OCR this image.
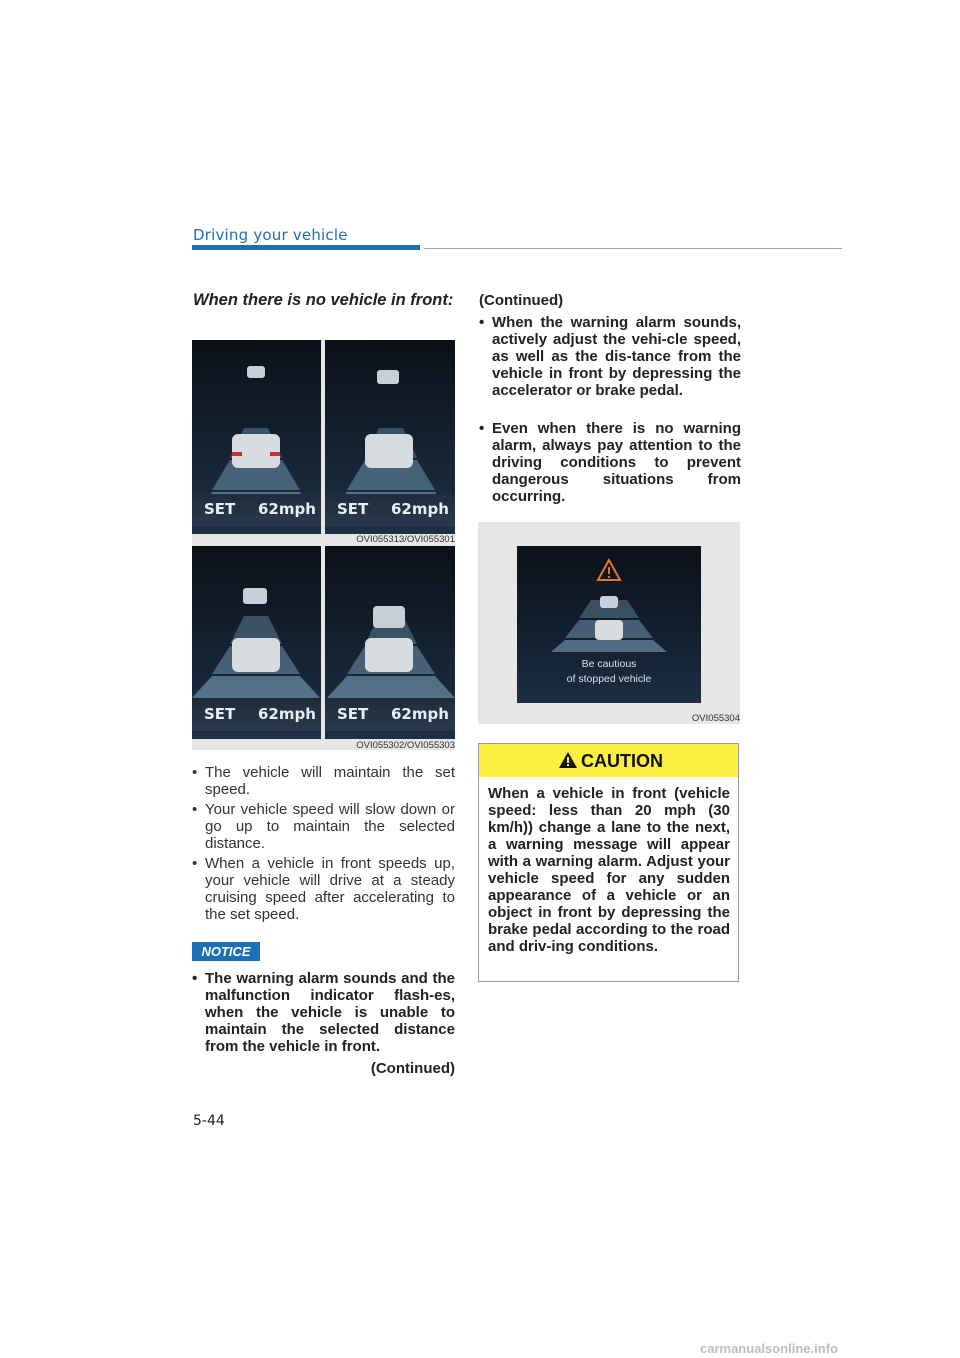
Driving your vehicle
When there is no vehicle in front:
SET 62mph SET 62mph
OVI055313/OVI055301
SET 62mph SET 62mph
OVI055302/OVI055303
• The vehicle will maintain the set speed.
• Your vehicle speed will slow down or go up to maintain the selected distance.
• When a vehicle in front speeds up, your vehicle will drive at a steady cruising speed after accelerating to the set speed.
NOTICE
• The warning alarm sounds and the malfunction indicator flash-es, when the vehicle is unable to maintain the selected distance from the vehicle in front.
(Continued)
(Continued)
• When the warning alarm sounds, actively adjust the vehi-cle speed, as well as the dis-tance from the vehicle in front by depressing the accelerator or brake pedal.
• Even when there is no warning alarm, always pay attention to the driving conditions to prevent dangerous situations from occurring.
Be cautious
of stopped vehicle
OVI055304
CAUTION
When a vehicle in front (vehicle speed: less than 20 mph (30 km/h)) change a lane to the next, a warning message will appear with a warning alarm. Adjust your vehicle speed for any sudden appearance of a vehicle or an object in front by depressing the brake pedal according to the road and driv-ing conditions.
5-44
carmanualsonline.info
